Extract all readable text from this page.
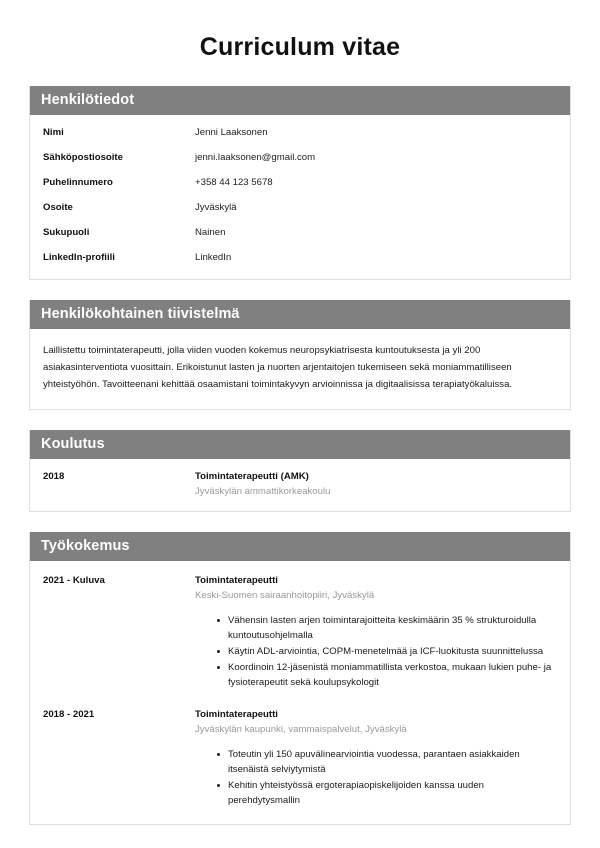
Curriculum vitae
Henkilötiedot
Nimi	Jenni Laaksonen
Sähköpostiosoite	jenni.laaksonen@gmail.com
Puhelinnumero	+358 44 123 5678
Osoite	Jyväskylä
Sukupuoli	Nainen
LinkedIn-profiili	LinkedIn
Henkilökohtainen tiivistelmä

Laillistettu toimintaterapeutti, jolla viiden vuoden kokemus neuropsykiatrisesta kuntoutuksesta ja yli 200 asiakasinterventiota vuosittain. Erikoistunut lasten ja nuorten arjentaitojen tukemiseen sekä moniammatilliseen yhteistyöhön. Tavoitteenani kehittää osaamistani toimintakyvyn arvioinnissa ja digitaalisissa terapiatyökaluissa.

Koulutus
2018	Toimintaterapeutti (AMK)
Jyväskylän ammattikorkeakoulu
Työkokemus
2021 - Kuluva	Toimintaterapeutti
Keski-Suomen sairaanhoitopiiri, Jyväskylä
Vähensin lasten arjen toimintarajoitteita keskimäärin 35 % strukturoidulla kuntoutusohjelmalla
Käytin ADL-arviointia, COPM-menetelmää ja ICF-luokitusta suunnittelussa
Koordinoin 12-jäsenistä moniammatillista verkostoa, mukaan lukien puhe- ja fysioterapeutit sekä koulupsykologit
2018 - 2021	Toimintaterapeutti
Jyväskylän kaupunki, vammaispalvelut, Jyväskylä
Toteutin yli 150 apuvälinearviointia vuodessa, parantaen asiakkaiden itsenäistä selviytymistä
Kehitin yhteistyössä ergoterapiaopiskelijoiden kanssa uuden perehdytysmallin
